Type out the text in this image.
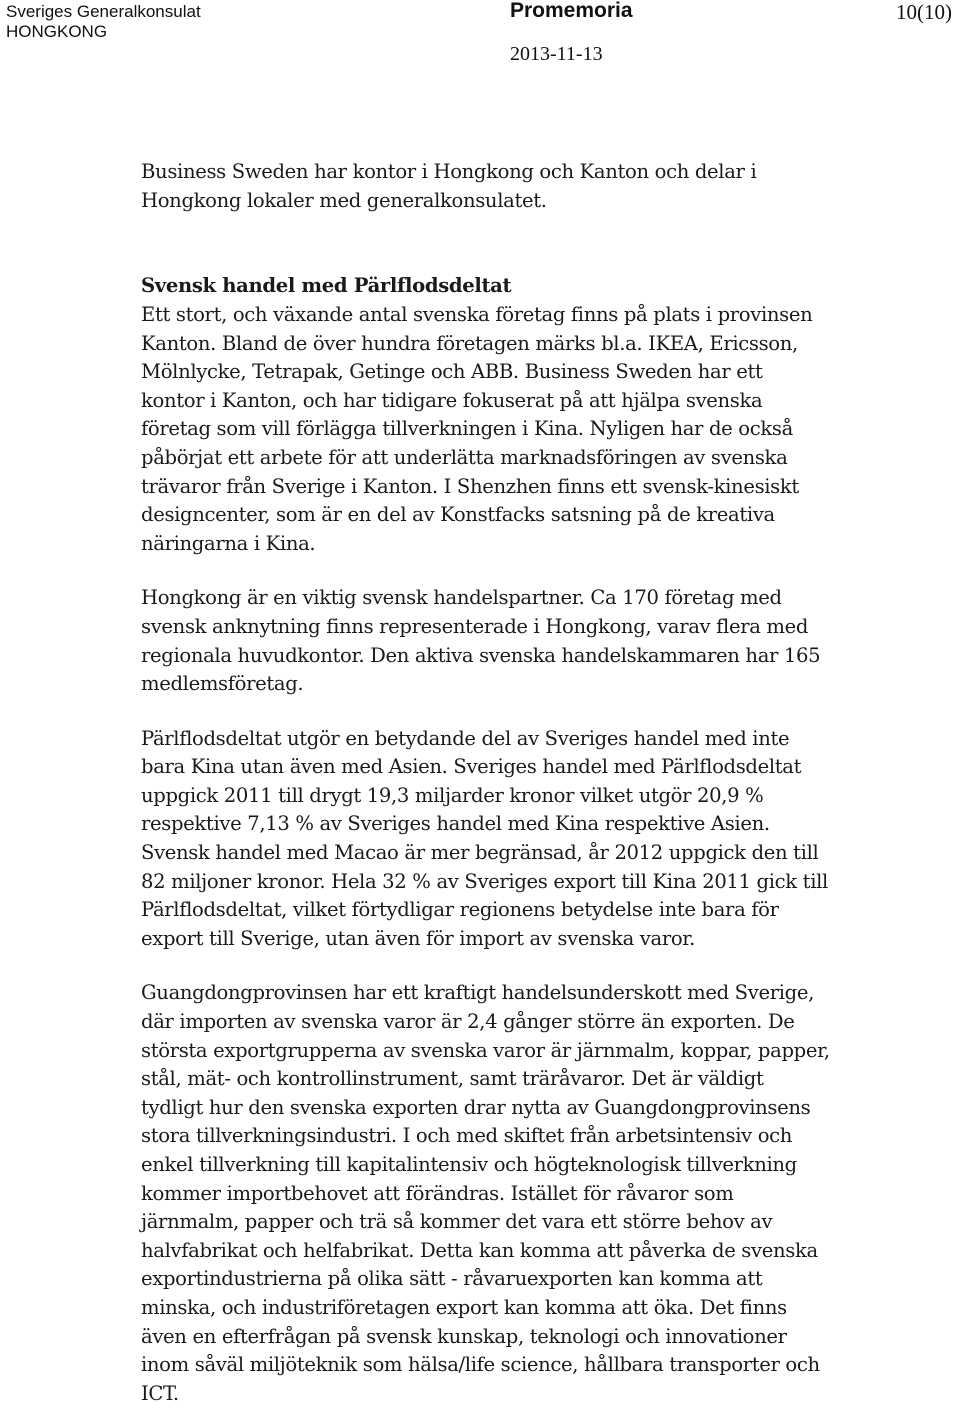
Sveriges Generalkonsulat
HONGKONG
Promemoria
2013-11-13
10(10)

Business Sweden har kontor i Hongkong och Kanton och delar i Hongkong lokaler med generalkonsulatet.

Svensk handel med Pärlflodsdeltat

Ett stort, och växande antal svenska företag finns på plats i provinsen Kanton. Bland de över hundra företagen märks bl.a. IKEA, Ericsson, Mölnlycke, Tetrapak, Getinge och ABB. Business Sweden har ett kontor i Kanton, och har tidigare fokuserat på att hjälpa svenska företag som vill förlägga tillverkningen i Kina. Nyligen har de också påbörjat ett arbete för att underlätta marknadsföringen av svenska trävaror från Sverige i Kanton. I Shenzhen finns ett svensk-kinesiskt designcenter, som är en del av Konstfacks satsning på de kreativa näringarna i Kina.

Hongkong är en viktig svensk handelspartner. Ca 170 företag med svensk anknytning finns representerade i Hongkong, varav flera med regionala huvudkontor. Den aktiva svenska handelskammaren har 165 medlemsföretag.

Pärlflodsdeltat utgör en betydande del av Sveriges handel med inte bara Kina utan även med Asien. Sveriges handel med Pärlflodsdeltat uppgick 2011 till drygt 19,3 miljarder kronor vilket utgör 20,9 % respektive 7,13 % av Sveriges handel med Kina respektive Asien. Svensk handel med Macao är mer begränsad, år 2012 uppgick den till 82 miljoner kronor. Hela 32 % av Sveriges export till Kina 2011 gick till Pärlflodsdeltat, vilket förtydligar regionens betydelse inte bara för export till Sverige, utan även för import av svenska varor.

Guangdongprovinsen har ett kraftigt handelsunderskott med Sverige, där importen av svenska varor är 2,4 gånger större än exporten. De största exportgrupperna av svenska varor är järnmalm, koppar, papper, stål, mät- och kontrollinstrument, samt träråvaror. Det är väldigt tydligt hur den svenska exporten drar nytta av Guangdongprovinsens stora tillverkningsindustri. I och med skiftet från arbetsintensiv och enkel tillverkning till kapitalintensiv och högteknologisk tillverkning kommer importbehovet att förändras. Istället för råvaror som järnmalm, papper och trä så kommer det vara ett större behov av halvfabrikat och helfabrikat. Detta kan komma att påverka de svenska exportindustrierna på olika sätt - råvaruexporten kan komma att minska, och industriföretagen export kan komma att öka. Det finns även en efterfrågan på svensk kunskap, teknologi och innovationer inom såväl miljöteknik som hälsa/life science, hållbara transporter och ICT.
